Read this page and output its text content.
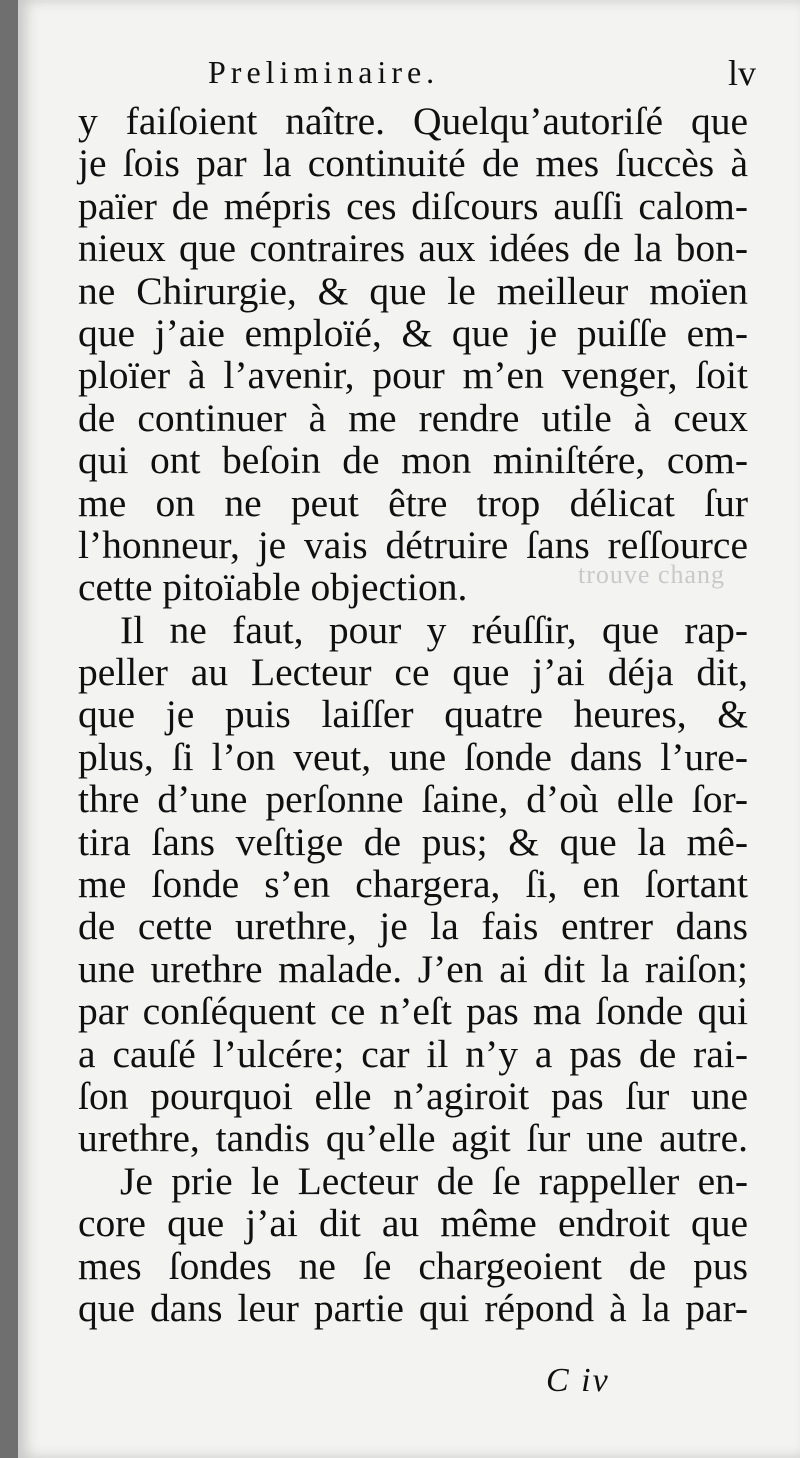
trouve chang
Preliminaire.	lv
y faiſoient naître. Quelqu’autoriſé que
je ſois par la continuité de mes ſuccès à
païer de mépris ces diſcours auſſi calom-
nieux que contraires aux idées de la bon-
ne Chirurgie, & que le meilleur moïen
que j’aie emploïé, & que je puiſſe em-
ploïer à l’avenir, pour m’en venger, ſoit
de continuer à me rendre utile à ceux
qui ont beſoin de mon miniſtére, com-
me on ne peut être trop délicat ſur
l’honneur, je vais détruire ſans reſſource
cette pitoïable objection.
Il ne faut, pour y réuſſir, que rap-
peller au Lecteur ce que j’ai déja dit,
que je puis laiſſer quatre heures, &
plus, ſi l’on veut, une ſonde dans l’ure-
thre d’une perſonne ſaine, d’où elle ſor-
tira ſans veſtige de pus; & que la mê-
me ſonde s’en chargera, ſi, en ſortant
de cette urethre, je la fais entrer dans
une urethre malade. J’en ai dit la raiſon;
par conſéquent ce n’eſt pas ma ſonde qui
a cauſé l’ulcére; car il n’y a pas de rai-
ſon pourquoi elle n’agiroit pas ſur une
urethre, tandis qu’elle agit ſur une autre.
Je prie le Lecteur de ſe rappeller en-
core que j’ai dit au même endroit que
mes ſondes ne ſe chargeoient de pus
que dans leur partie qui répond à la par-
C iv
